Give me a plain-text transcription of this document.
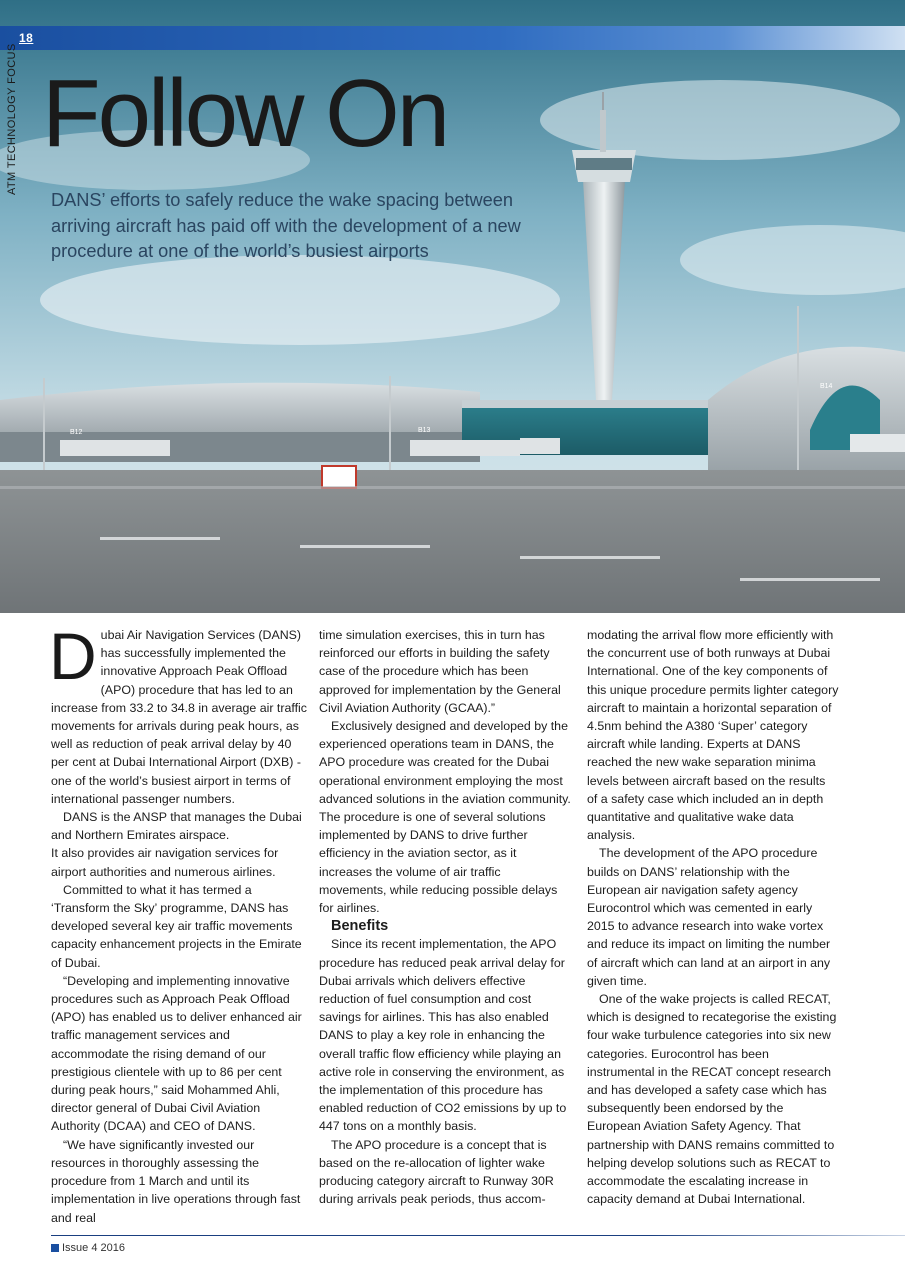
B12	B13
B14
18
ATM TECHNOLOGY FOCUS Follow On

DANS’ efforts to safely reduce the wake spacing between arriving aircraft has paid off with the development of a new procedure at one of the world’s busiest airports

Dubai Air Navigation Services (DANS) has successfully implemented the innovative Approach Peak Offload (APO) procedure that has led to an increase from 33.2 to 34.8 in average air traffic movements for arrivals during peak hours, as well as reduction of peak arrival delay by 40 per cent at Dubai International Airport (DXB) - one of the world’s busiest airport in terms of international passenger numbers.

DANS is the ANSP that manages the Dubai and Northern Emirates airspace.

It also provides air navigation services for airport authorities and numerous airlines.

Committed to what it has termed a ‘Transform the Sky’ programme, DANS has developed several key air traffic movements capacity enhancement projects in the Emirate of Dubai.

“Developing and implementing innovative procedures such as Approach Peak Offload (APO) has enabled us to deliver enhanced air traffic management services and accommodate the rising demand of our prestigious clientele with up to 86 per cent during peak hours,” said Mohammed Ahli, director general of Dubai Civil Aviation Authority (DCAA) and CEO of DANS.

“We have significantly invested our resources in thoroughly assessing the procedure from 1 March and until its implementation in live operations through fast and real

time simulation exercises, this in turn has reinforced our efforts in building the safety case of the procedure which has been approved for implementation by the General Civil Aviation Authority (GCAA).”

Exclusively designed and developed by the experienced operations team in DANS, the APO procedure was created for the Dubai operational environment employing the most advanced solutions in the aviation community. The procedure is one of several solutions implemented by DANS to drive further efficiency in the aviation sector, as it increases the volume of air traffic movements, while reducing possible delays for airlines.

Benefits

Since its recent implementation, the APO procedure has reduced peak arrival delay for Dubai arrivals which delivers effective reduction of fuel consumption and cost savings for airlines. This has also enabled DANS to play a key role in enhancing the overall traffic flow efficiency while playing an active role in conserving the environment, as the implementation of this procedure has enabled reduction of CO2 emissions by up to 447 tons on a monthly basis.

The APO procedure is a concept that is based on the re-allocation of lighter wake producing category aircraft to Runway 30R during arrivals peak periods, thus accom-

modating the arrival flow more efficiently with the concurrent use of both runways at Dubai International. One of the key components of this unique procedure permits lighter category aircraft to maintain a horizontal separation of 4.5nm behind the A380 ‘Super’ category aircraft while landing. Experts at DANS reached the new wake separation minima levels between aircraft based on the results of a safety case which included an in depth quantitative and qualitative wake data analysis.

The development of the APO procedure builds on DANS’ relationship with the European air navigation safety agency Eurocontrol which was cemented in early 2015 to advance research into wake vortex and reduce its impact on limiting the number of aircraft which can land at an airport in any given time.

One of the wake projects is called RECAT, which is designed to recategorise the existing four wake turbulence categories into six new categories. Eurocontrol has been instrumental in the RECAT concept research and has developed a safety case which has subsequently been endorsed by the European Aviation Safety Agency. That partnership with DANS remains committed to helping develop solutions such as RECAT to accommodate the escalating increase in capacity demand at Dubai International.

Issue 4 2016
